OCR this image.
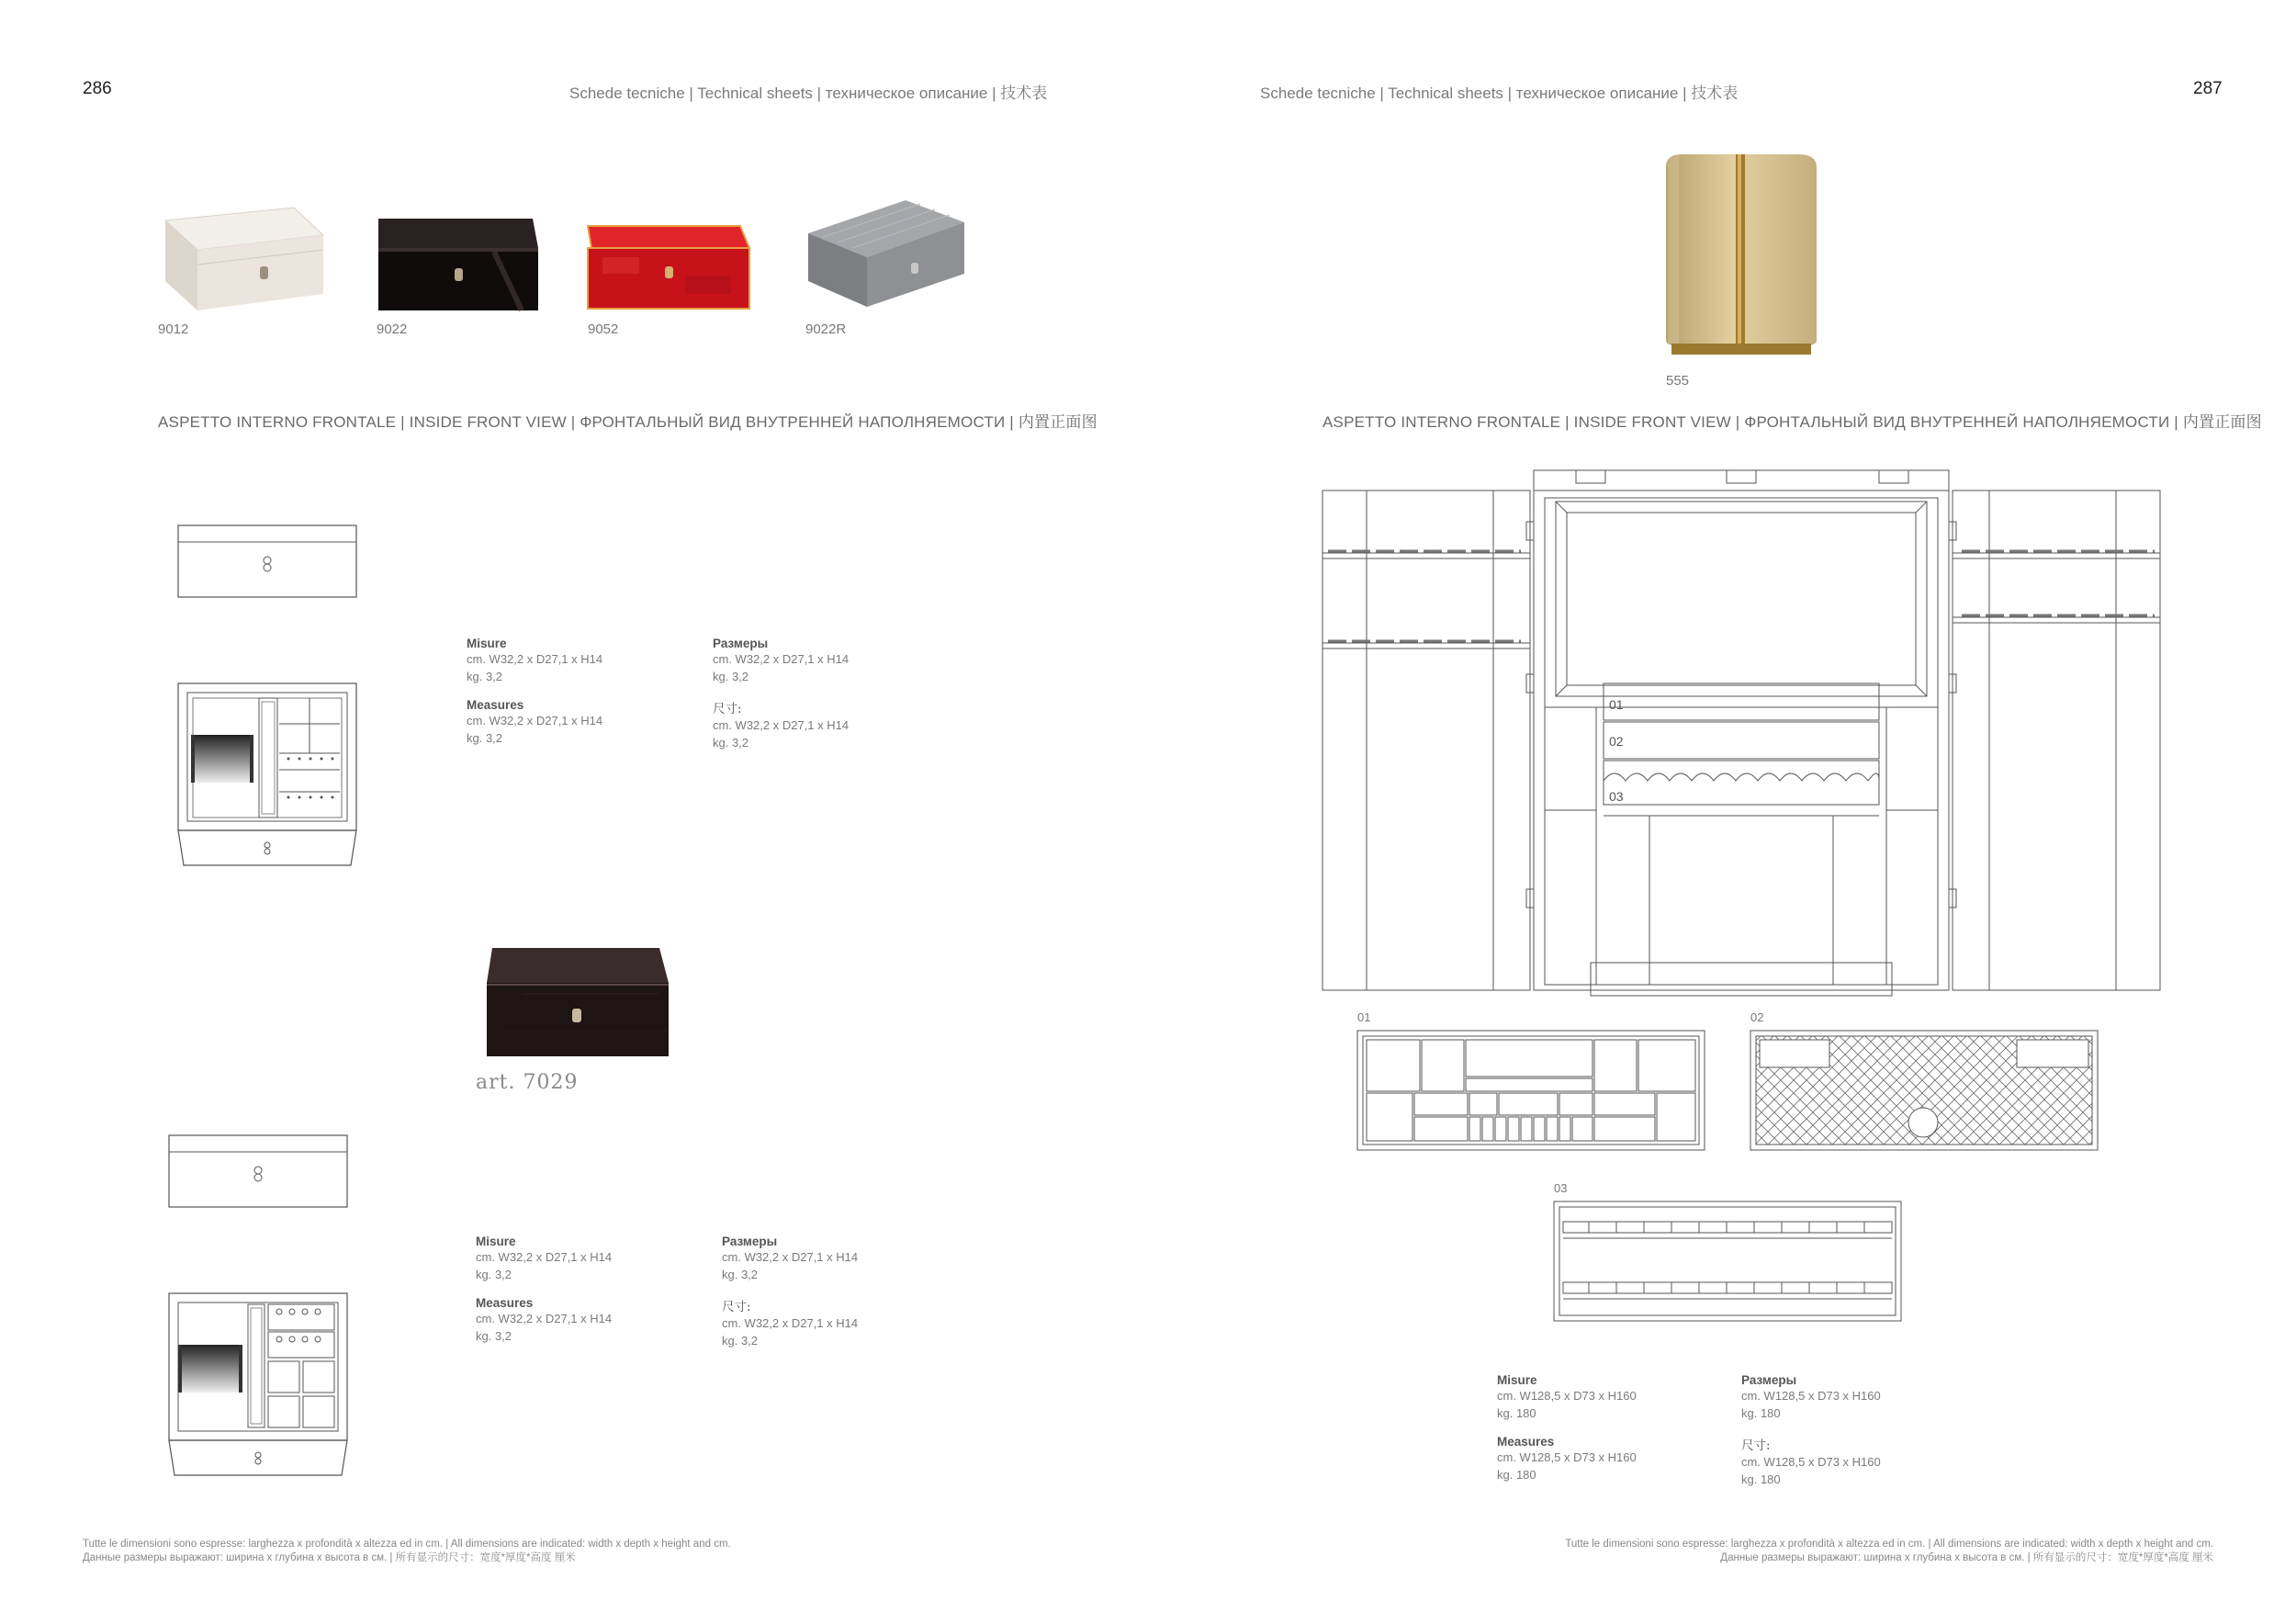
286	Schede tecniche | Technical sheets | техническое описание | 技术表
9012	9022	9052	9022R
ASPETTO INTERNO FRONTALE | INSIDE FRONT VIEW | ФРОНТАЛЬНЫЙ ВИД ВНУТРЕННЕЙ НАПОЛНЯЕМОСТИ | 内置正面图
Misure
cm. W32,2 x D27,1 x H14
kg. 3,2
Measures
cm. W32,2 x D27,1 x H14
kg. 3,2
Размеры
cm. W32,2 x D27,1 x H14
kg. 3,2
尺寸:
cm. W32,2 x D27,1 x H14
kg. 3,2
art. 7029
Misure
cm. W32,2 x D27,1 x H14
kg. 3,2
Measures
cm. W32,2 x D27,1 x H14
kg. 3,2
Размеры
cm. W32,2 x D27,1 x H14
kg. 3,2
尺寸:
cm. W32,2 x D27,1 x H14
kg. 3,2
Tutte le dimensioni sono espresse: larghezza x profondità x altezza ed in cm. | All dimensions are indicated: width x depth x height and cm.
Данные размеры выражают: ширина x глубина x высота в см. | 所有显示的尺寸：宽度*厚度*高度 厘米
Schede tecniche | Technical sheets | техническое описание | 技术表	287
555
ASPETTO INTERNO FRONTALE | INSIDE FRONT VIEW | ФРОНТАЛЬНЫЙ ВИД ВНУТРЕННЕЙ НАПОЛНЯЕМОСТИ | 内置正面图
01
02
03
01	02
03
Misure
cm. W128,5 x D73 x H160
kg. 180
Measures
cm. W128,5 x D73 x H160
kg. 180
Размеры
cm. W128,5 x D73 x H160
kg. 180
尺寸:
cm. W128,5 x D73 x H160
kg. 180
Tutte le dimensioni sono espresse: larghezza x profondità x altezza ed in cm. | All dimensions are indicated: width x depth x height and cm.
Данные размеры выражают: ширина x глубина x высота в см. | 所有显示的尺寸：宽度*厚度*高度 厘米
